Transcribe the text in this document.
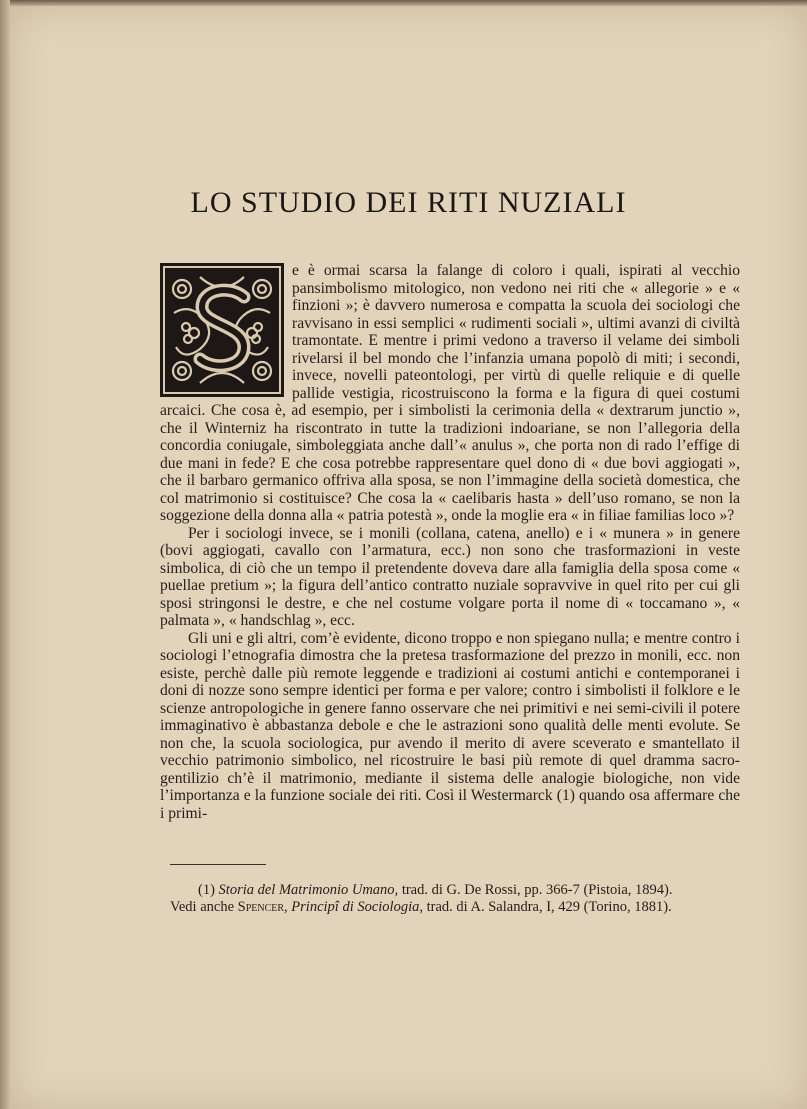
LO STUDIO DEI RITI NUZIALI

e è ormai scarsa la falange di coloro i quali, ispirati al vecchio pansimbolismo mitologico, non vedono nei riti che « allegorie » e « finzioni »; è davvero numerosa e compatta la scuola dei sociologi che ravvisano in essi semplici « rudimenti sociali », ultimi avanzi di civiltà tramontate. E mentre i primi vedono a traverso il velame dei simboli rivelarsi il bel mondo che l’infanzia umana popolò di miti; i secondi, invece, novelli pateontologi, per virtù di quelle reliquie e di quelle pallide vestigia, ricostruiscono la forma e la figura di quei costumi arcaici. Che cosa è, ad esempio, per i simbolisti la cerimonia della « dextrarum junctio », che il Winterniz ha riscontrato in tutte la tradizioni indoariane, se non l’allegoria della concordia coniugale, simboleggiata anche dall’« anulus », che porta non di rado l’effige di due mani in fede? E che cosa potrebbe rappresentare quel dono di « due bovi aggiogati », che il barbaro germanico offriva alla sposa, se non l’immagine della società domestica, che col matrimonio si costituisce? Che cosa la « caelibaris hasta » dell’uso romano, se non la soggezione della donna alla « patria potestà », onde la moglie era « in filiae familias loco »?

Per i sociologi invece, se i monili (collana, catena, anello) e i « munera » in genere (bovi aggiogati, cavallo con l’armatura, ecc.) non sono che trasformazioni in veste simbolica, di ciò che un tempo il pretendente doveva dare alla famiglia della sposa come « puellae pretium »; la figura dell’antico contratto nuziale sopravvive in quel rito per cui gli sposi stringonsi le destre, e che nel costume volgare porta il nome di « toccamano », « palmata », « handschlag », ecc.

Gli uni e gli altri, com’è evidente, dicono troppo e non spiegano nulla; e mentre contro i sociologi l’etnografia dimostra che la pretesa trasformazione del prezzo in monili, ecc. non esiste, perchè dalle più remote leggende e tradizioni ai costumi antichi e contemporanei i doni di nozze sono sempre identici per forma e per valore; contro i simbolisti il folklore e le scienze antropologiche in genere fanno osservare che nei primitivi e nei semi-civili il potere immaginativo è abbastanza debole e che le astrazioni sono qualità delle menti evolute. Se non che, la scuola sociologica, pur avendo il merito di avere sceverato e smantellato il vecchio patrimonio simbolico, nel ricostruire le basi più remote di quel dramma sacro-gentilizio ch’è il matrimonio, mediante il sistema delle analogie biologiche, non vide l’importanza e la funzione sociale dei riti. Così il Westermarck (1) quando osa affermare che i primi-

(1) Storia del Matrimonio Umano, trad. di G. De Rossi, pp. 366-7 (Pistoia, 1894).
Vedi anche Spencer, Principî di Sociologia, trad. di A. Salandra, I, 429 (Torino, 1881).
